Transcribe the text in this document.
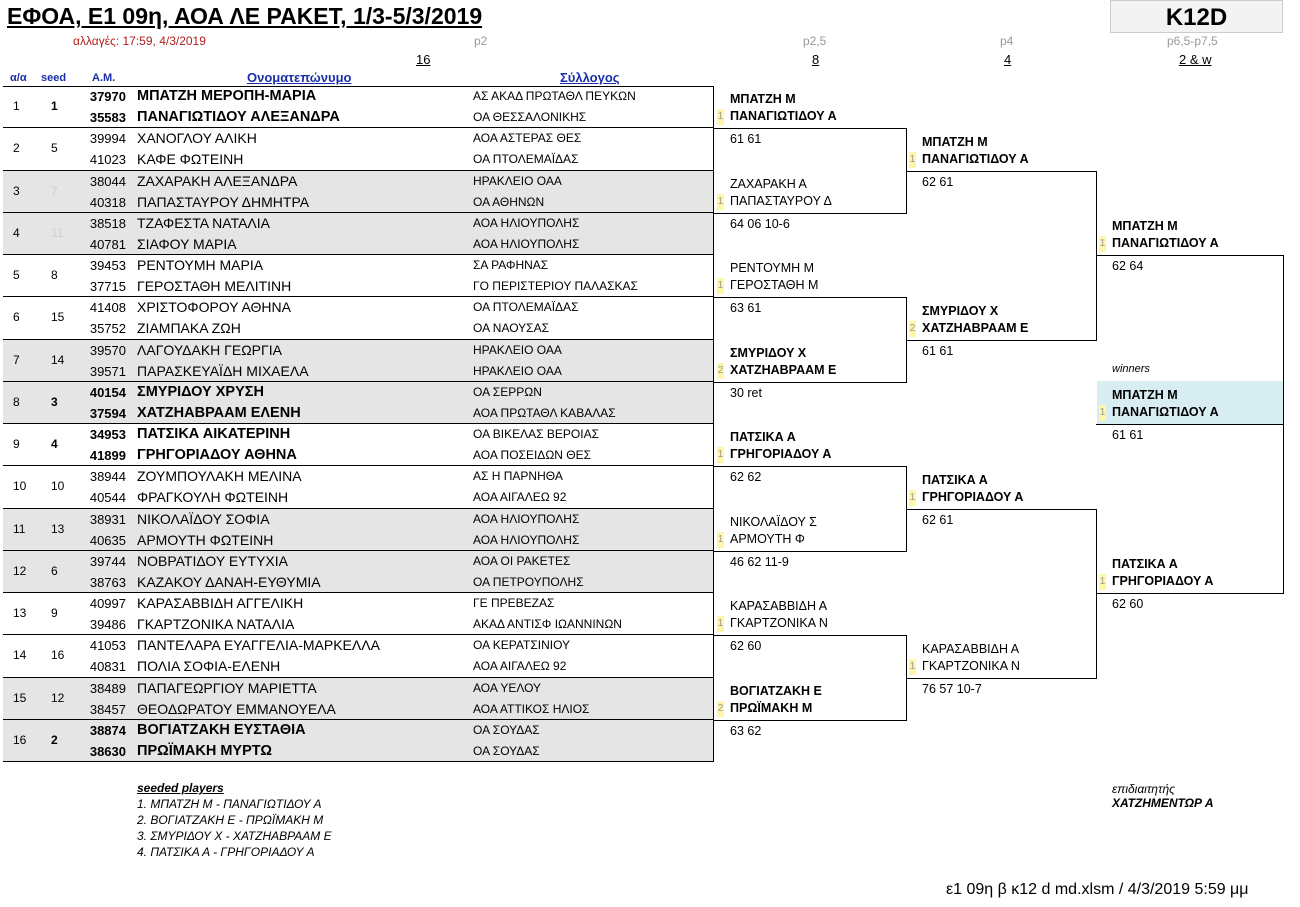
ΕΦΟΑ, Ε1 09η, ΑΟΑ ΛΕ ΡΑΚΕΤ, 1/3-5/3/2019	Κ12D
αλλαγές: 17:59, 4/3/2019	p2	p2,5	p4	p6,5-p7,5
16	8	4	2 & w
α/α seed Α.Μ.	Ονοματεπώνυμο	Σύλλογος
1	1
37970 ΜΠΑΤΖΗ ΜΕΡΟΠΗ-ΜΑΡΙΑ	ΑΣ ΑΚΑΔ ΠΡΩΤΑΘΛ ΠΕΥΚΩΝ
35583 ΠΑΝΑΓΙΩΤΙΔΟΥ ΑΛΕΞΑΝΔΡΑ	ΟΑ ΘΕΣΣΑΛΟΝΙΚΗΣ
2	5
39994 ΧΑΝΟΓΛΟΥ ΑΛΙΚΗ	ΑΟΑ ΑΣΤΕΡΑΣ ΘΕΣ
41023 ΚΑΦΕ ΦΩΤΕΙΝΗ	ΟΑ ΠΤΟΛΕΜΑΪΔΑΣ
3	7
38044 ΖΑΧΑΡΑΚΗ ΑΛΕΞΑΝΔΡΑ	ΗΡΑΚΛΕΙΟ ΟΑΑ
40318 ΠΑΠΑΣΤΑΥΡΟΥ ΔΗΜΗΤΡΑ	ΟΑ ΑΘΗΝΩΝ
4	11
38518 ΤΖΑΦΕΣΤΑ ΝΑΤΑΛΙΑ	ΑΟΑ ΗΛΙΟΥΠΟΛΗΣ
40781 ΣΙΑΦΟΥ ΜΑΡΙΑ	ΑΟΑ ΗΛΙΟΥΠΟΛΗΣ
5	8
39453 ΡΕΝΤΟΥΜΗ ΜΑΡΙΑ	ΣΑ ΡΑΦΗΝΑΣ
37715 ΓΕΡΟΣΤΑΘΗ ΜΕΛΙΤΙΝΗ	ΓΟ ΠΕΡΙΣΤΕΡΙΟΥ ΠΑΛΑΣΚΑΣ
6	15
41408 ΧΡΙΣΤΟΦΟΡΟΥ ΑΘΗΝΑ	ΟΑ ΠΤΟΛΕΜΑΪΔΑΣ
35752 ΖΙΑΜΠΑΚΑ ΖΩΗ	ΟΑ ΝΑΟΥΣΑΣ
7	14
39570 ΛΑΓΟΥΔΑΚΗ ΓΕΩΡΓΙΑ	ΗΡΑΚΛΕΙΟ ΟΑΑ
39571 ΠΑΡΑΣΚΕΥΑΪΔΗ ΜΙΧΑΕΛΑ	ΗΡΑΚΛΕΙΟ ΟΑΑ
8	3
40154 ΣΜΥΡΙΔΟΥ ΧΡΥΣΗ	ΟΑ ΣΕΡΡΩΝ
37594 ΧΑΤΖΗΑΒΡΑΑΜ ΕΛΕΝΗ	ΑΟΑ ΠΡΩΤΑΘΛ ΚΑΒΑΛΑΣ
9	4
34953 ΠΑΤΣΙΚΑ ΑΙΚΑΤΕΡΙΝΗ	ΟΑ ΒΙΚΕΛΑΣ ΒΕΡΟΙΑΣ
41899 ΓΡΗΓΟΡΙΑΔΟΥ ΑΘΗΝΑ	ΑΟΑ ΠΟΣΕΙΔΩΝ ΘΕΣ
10 10
38944 ΖΟΥΜΠΟΥΛΑΚΗ ΜΕΛΙΝΑ	ΑΣ Η ΠΑΡΝΗΘΑ
40544 ΦΡΑΓΚΟΥΛΗ ΦΩΤΕΙΝΗ	ΑΟΑ ΑΙΓΑΛΕΩ 92
11 13
38931 ΝΙΚΟΛΑΪΔΟΥ ΣΟΦΙΑ	ΑΟΑ ΗΛΙΟΥΠΟΛΗΣ
40635 ΑΡΜΟΥΤΗ ΦΩΤΕΙΝΗ	ΑΟΑ ΗΛΙΟΥΠΟΛΗΣ
12 6
39744 ΝΟΒΡΑΤΙΔΟΥ ΕΥΤΥΧΙΑ	ΑΟΑ ΟΙ ΡΑΚΕΤΕΣ
38763 ΚΑΖΑΚΟΥ ΔΑΝΑΗ-ΕΥΘΥΜΙΑ	ΟΑ ΠΕΤΡΟΥΠΟΛΗΣ
13 9
40997 ΚΑΡΑΣΑΒΒΙΔΗ ΑΓΓΕΛΙΚΗ	ΓΕ ΠΡΕΒΕΖΑΣ
39486 ΓΚΑΡΤΖΟΝΙΚΑ ΝΑΤΑΛΙΑ	ΑΚΑΔ ΑΝΤΙΣΦ ΙΩΑΝΝΙΝΩΝ
14 16
41053 ΠΑΝΤΕΛΑΡΑ ΕΥΑΓΓΕΛΙΑ-ΜΑΡΚΕΛΛΑ	ΟΑ ΚΕΡΑΤΣΙΝΙΟΥ
40831 ΠΟΛΙΑ ΣΟΦΙΑ-ΕΛΕΝΗ	ΑΟΑ ΑΙΓΑΛΕΩ 92
15 12
38489 ΠΑΠΑΓΕΩΡΓΙΟΥ ΜΑΡΙΕΤΤΑ	ΑΟΑ ΥΕΛΟΥ
38457 ΘΕΟΔΩΡΑΤΟΥ ΕΜΜΑΝΟΥΕΛΑ	ΑΟΑ ΑΤΤΙΚΟΣ ΗΛΙΟΣ
16 2
38874 ΒΟΓΙΑΤΖΑΚΗ ΕΥΣΤΑΘΙΑ	ΟΑ ΣΟΥΔΑΣ
38630 ΠΡΩΪΜΑΚΗ ΜΥΡΤΩ	ΟΑ ΣΟΥΔΑΣ
ΜΠΑΤΖΗ Μ
1 ΠΑΝΑΓΙΩΤΙΔΟΥ Α
61 61
ΖΑΧΑΡΑΚΗ Α
1 ΠΑΠΑΣΤΑΥΡΟΥ Δ
64 06 10-6
ΡΕΝΤΟΥΜΗ Μ
1 ΓΕΡΟΣΤΑΘΗ Μ
63 61
ΣΜΥΡΙΔΟΥ Χ
2 ΧΑΤΖΗΑΒΡΑΑΜ Ε
30 ret
ΠΑΤΣΙΚΑ Α
1 ΓΡΗΓΟΡΙΑΔΟΥ Α
62 62
ΝΙΚΟΛΑΪΔΟΥ Σ
1 ΑΡΜΟΥΤΗ Φ
46 62 11-9
ΚΑΡΑΣΑΒΒΙΔΗ Α
1 ΓΚΑΡΤΖΟΝΙΚΑ Ν
62 60
ΒΟΓΙΑΤΖΑΚΗ Ε
2 ΠΡΩΪΜΑΚΗ Μ
63 62
ΜΠΑΤΖΗ Μ
1 ΠΑΝΑΓΙΩΤΙΔΟΥ Α
62 61
ΣΜΥΡΙΔΟΥ Χ
2 ΧΑΤΖΗΑΒΡΑΑΜ Ε
61 61
ΠΑΤΣΙΚΑ Α
1 ΓΡΗΓΟΡΙΑΔΟΥ Α
62 61
ΚΑΡΑΣΑΒΒΙΔΗ Α
1 ΓΚΑΡΤΖΟΝΙΚΑ Ν
76 57 10-7
ΜΠΑΤΖΗ Μ
1 ΠΑΝΑΓΙΩΤΙΔΟΥ Α
62 64
ΠΑΤΣΙΚΑ Α
1 ΓΡΗΓΟΡΙΑΔΟΥ Α
62 60
winners
ΜΠΑΤΖΗ Μ
1 ΠΑΝΑΓΙΩΤΙΔΟΥ Α
61 61
seeded players
1. ΜΠΑΤΖΗ Μ - ΠΑΝΑΓΙΩΤΙΔΟΥ Α
2. ΒΟΓΙΑΤΖΑΚΗ Ε - ΠΡΩΪΜΑΚΗ Μ
3. ΣΜΥΡΙΔΟΥ Χ - ΧΑΤΖΗΑΒΡΑΑΜ Ε
4. ΠΑΤΣΙΚΑ Α - ΓΡΗΓΟΡΙΑΔΟΥ Α
επιδιαιτητής
ΧΑΤΖΗΜΕΝΤΩΡ Α
ε1 09η β κ12 d md.xlsm / 4/3/2019 5:59 μμ
